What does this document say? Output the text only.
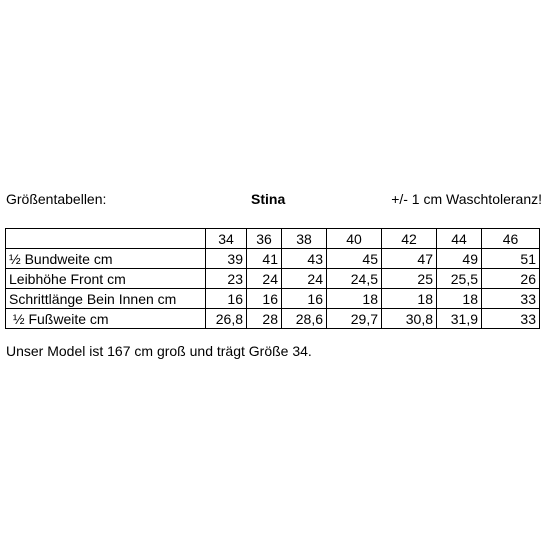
Größentabellen:	Stina	+/- 1 cm Waschtoleranz!
	34	36	38	40	42	44	46
½ Bundweite cm	39	41	43	45	47	49	51
Leibhöhe Front cm	23	24	24	24,5	25	25,5	26
Schrittlänge Bein Innen cm	16	16	16	18	18	18	33
½ Fußweite cm	26,8	28	28,6	29,7	30,8	31,9	33
Unser Model ist 167 cm groß und trägt Größe 34.
